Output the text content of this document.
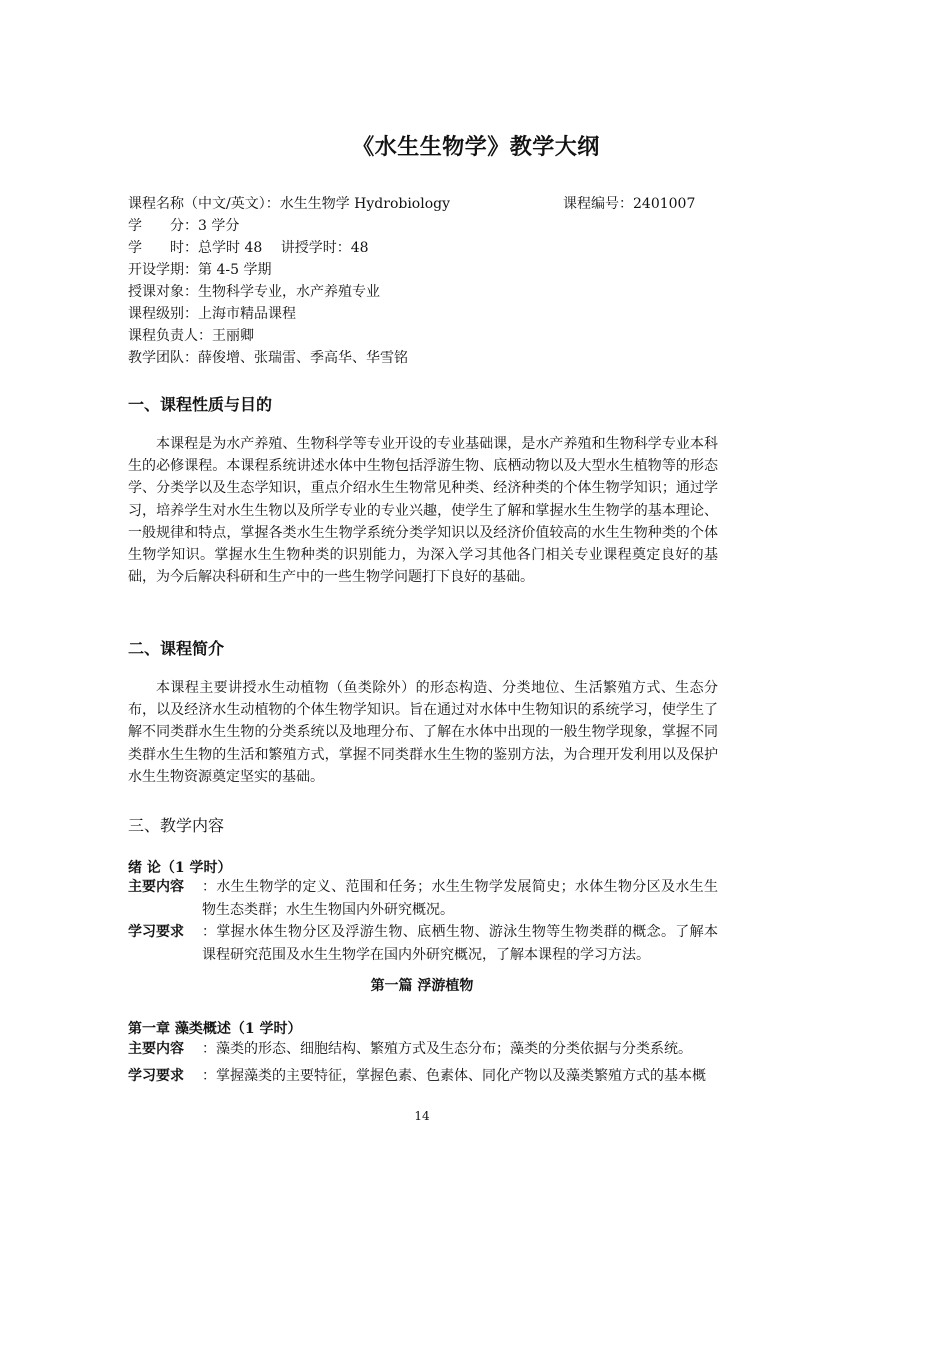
《水生生物学》教学大纲
课程名称（中文/英文）：水生生物学 Hydrobiology	课程编号：2401007
学　　分：3 学分
学　　时：总学时 48　 讲授学时：48
开设学期：第 4-5 学期
授课对象：生物科学专业，水产养殖专业
课程级别：上海市精品课程
课程负责人：王丽卿
教学团队：薛俊增、张瑞雷、季高华、华雪铭
一、课程性质与目的
本课程是为水产养殖、生物科学等专业开设的专业基础课，是水产养殖和生物科学专业本科生的必修课程。本课程系统讲述水体中生物包括浮游生物、底栖动物以及大型水生植物等的形态学、分类学以及生态学知识，重点介绍水生生物常见种类、经济种类的个体生物学知识；通过学习，培养学生对水生生物以及所学专业的专业兴趣，使学生了解和掌握水生生物学的基本理论、一般规律和特点，掌握各类水生生物学系统分类学知识以及经济价值较高的水生生物种类的个体生物学知识。掌握水生生物种类的识别能力，为深入学习其他各门相关专业课程奠定良好的基础，为今后解决科研和生产中的一些生物学问题打下良好的基础。
二、课程简介
本课程主要讲授水生动植物（鱼类除外）的形态构造、分类地位、生活繁殖方式、生态分布，以及经济水生动植物的个体生物学知识。旨在通过对水体中生物知识的系统学习，使学生了解不同类群水生生物的分类系统以及地理分布、了解在水体中出现的一般生物学现象，掌握不同类群水生生物的生活和繁殖方式，掌握不同类群水生生物的鉴别方法，为合理开发利用以及保护水生生物资源奠定坚实的基础。
三、教学内容
绪 论（1 学时）
主要内容 ：水生生物学的定义、范围和任务；水生生物学发展简史；水体生物分区及水生生物生态类群；水生生物国内外研究概况。
学习要求 ：掌握水体生物分区及浮游生物、底栖生物、游泳生物等生物类群的概念。了解本课程研究范围及水生生物学在国内外研究概况，了解本课程的学习方法。
第一篇 浮游植物
第一章 藻类概述（1 学时）
主要内容 ：藻类的形态、细胞结构、繁殖方式及生态分布；藻类的分类依据与分类系统。
学习要求 ：掌握藻类的主要特征，掌握色素、色素体、同化产物以及藻类繁殖方式的基本概
14
